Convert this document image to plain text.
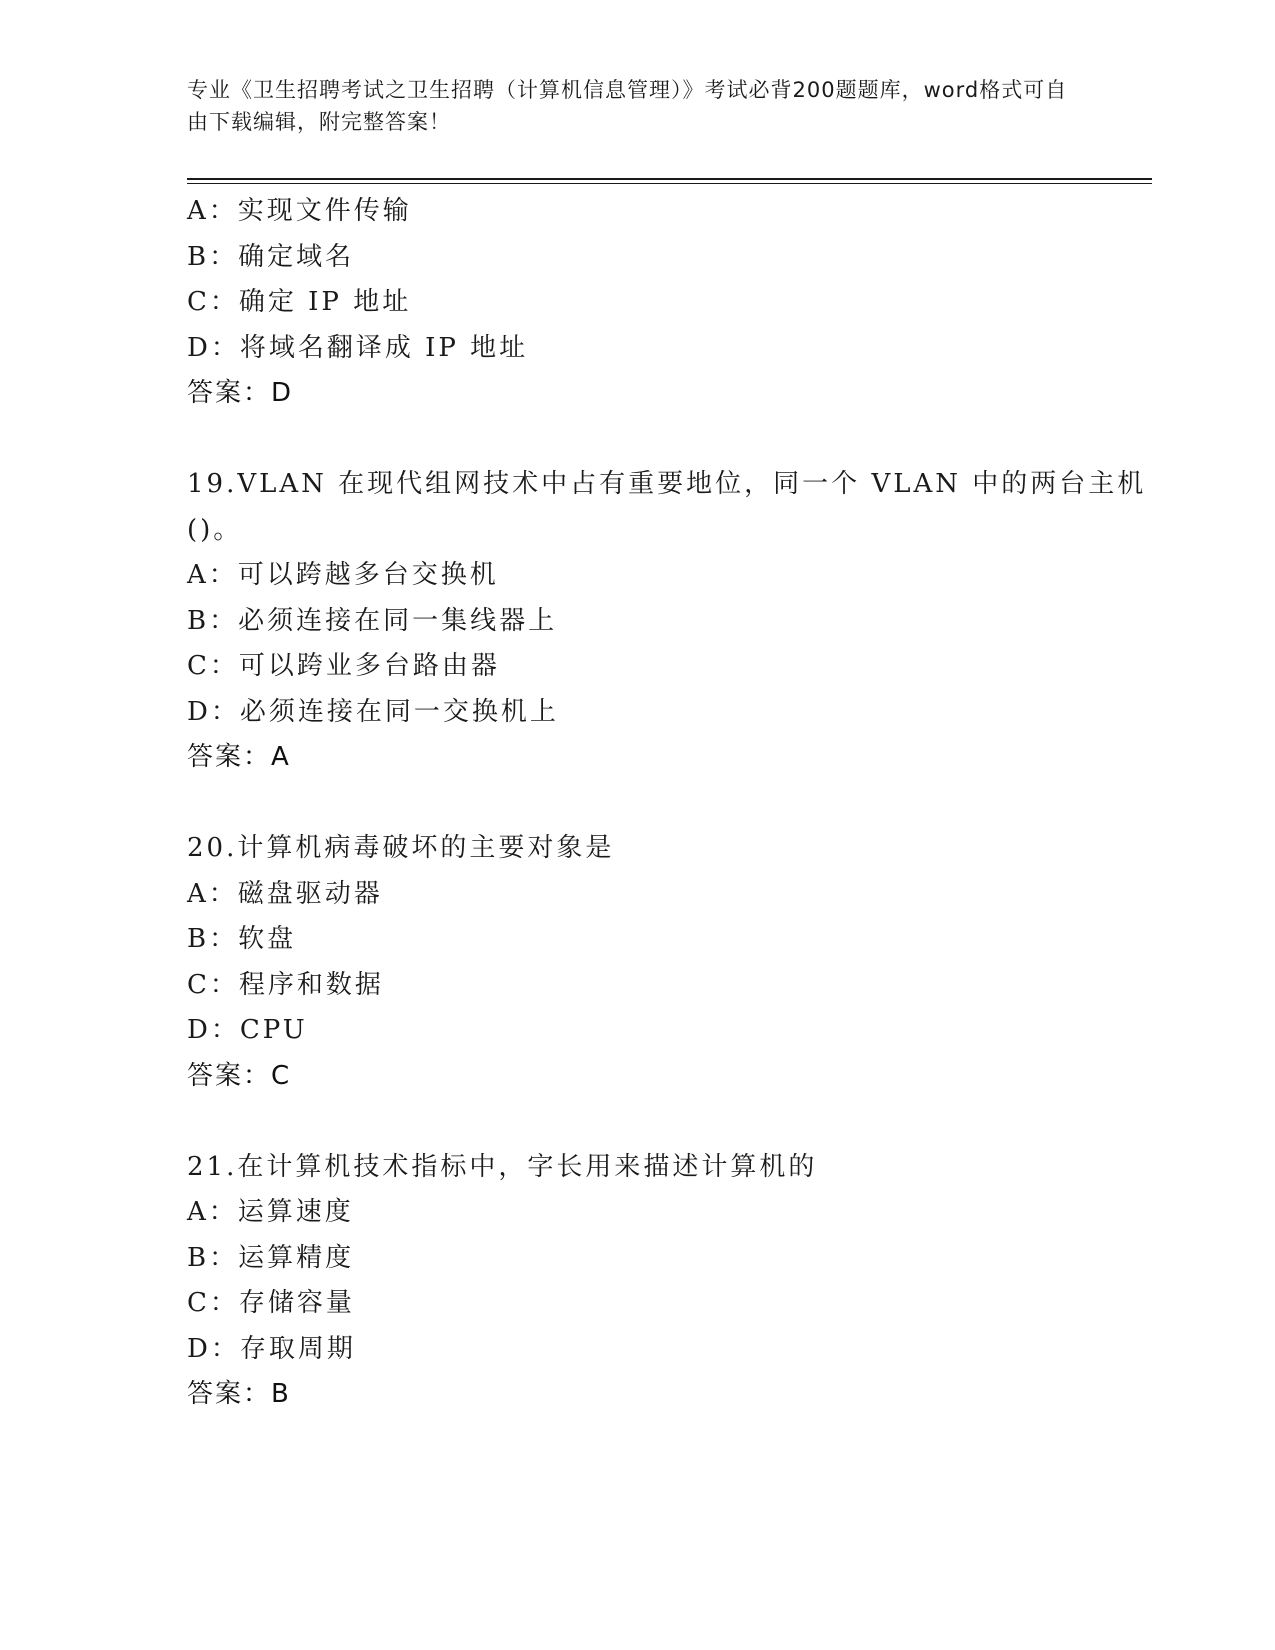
专业《卫生招聘考试之卫生招聘（计算机信息管理）》考试必背200题题库，word格式可自由下载编辑，附完整答案！
A：实现文件传输
B：确定域名
C：确定 IP 地址
D：将域名翻译成 IP 地址
答案：D
19.VLAN 在现代组网技术中占有重要地位，同一个 VLAN 中的两台主机()。
A：可以跨越多台交换机
B：必须连接在同一集线器上
C：可以跨业多台路由器
D：必须连接在同一交换机上
答案：A
20.计算机病毒破坏的主要对象是
A：磁盘驱动器
B：软盘
C：程序和数据
D：CPU
答案：C
21.在计算机技术指标中，字长用来描述计算机的
A：运算速度
B：运算精度
C：存储容量
D：存取周期
答案：B
